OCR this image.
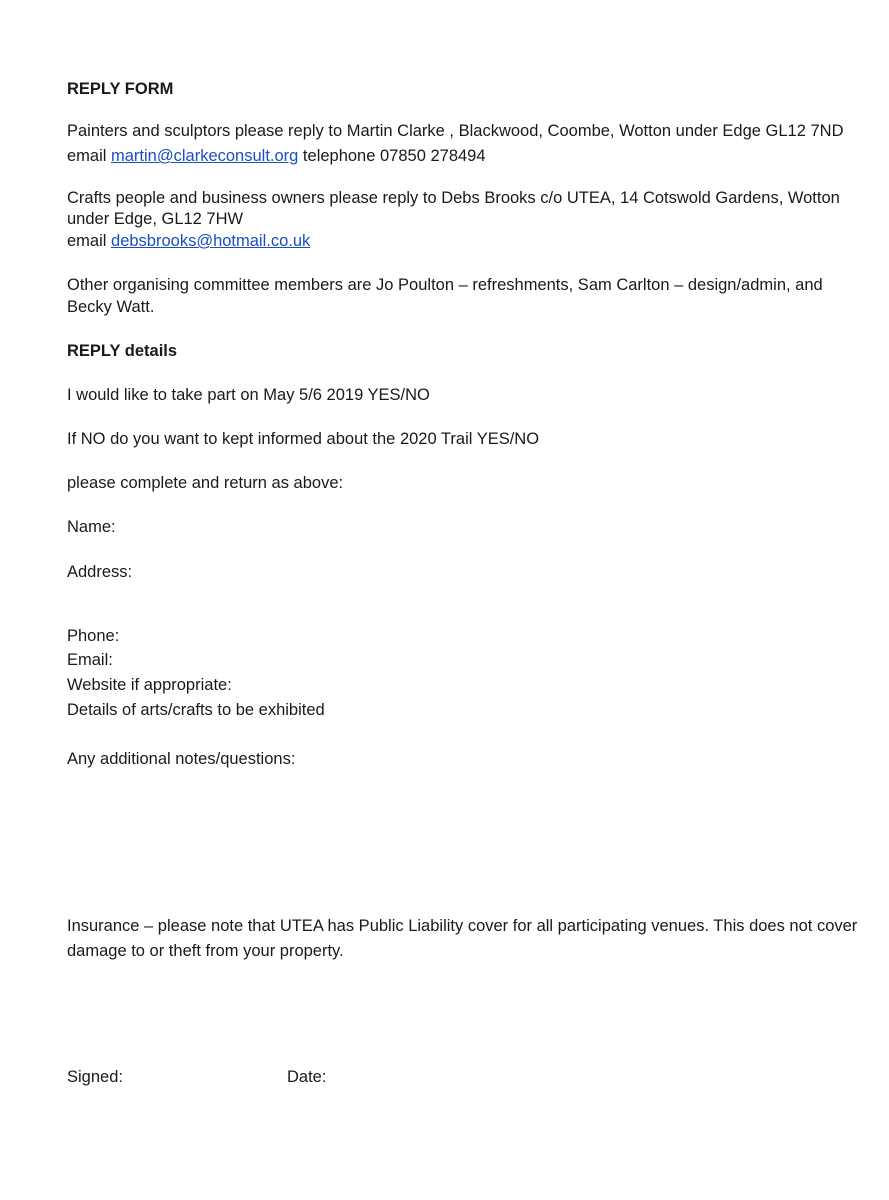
REPLY FORM
Painters and sculptors please reply to Martin Clarke , Blackwood, Coombe, Wotton under Edge GL12 7ND
email martin@clarkeconsult.org telephone 07850 278494
Crafts people and business owners please reply to Debs Brooks c/o UTEA, 14 Cotswold Gardens, Wotton
under Edge, GL12 7HW
email debsbrooks@hotmail.co.uk
Other organising committee members are Jo Poulton – refreshments, Sam Carlton – design/admin, and
Becky Watt.
REPLY details
I would like to take part on May 5/6 2019 YES/NO
If NO do you want to kept informed about the 2020 Trail YES/NO
please complete and return as above:
Name:
Address:
Phone:
Email:
Website if appropriate:
Details of arts/crafts to be exhibited
Any additional notes/questions:
Insurance – please note that UTEA has Public Liability cover for all participating venues. This does not cover
damage to or theft from your property.
Signed:	Date:
